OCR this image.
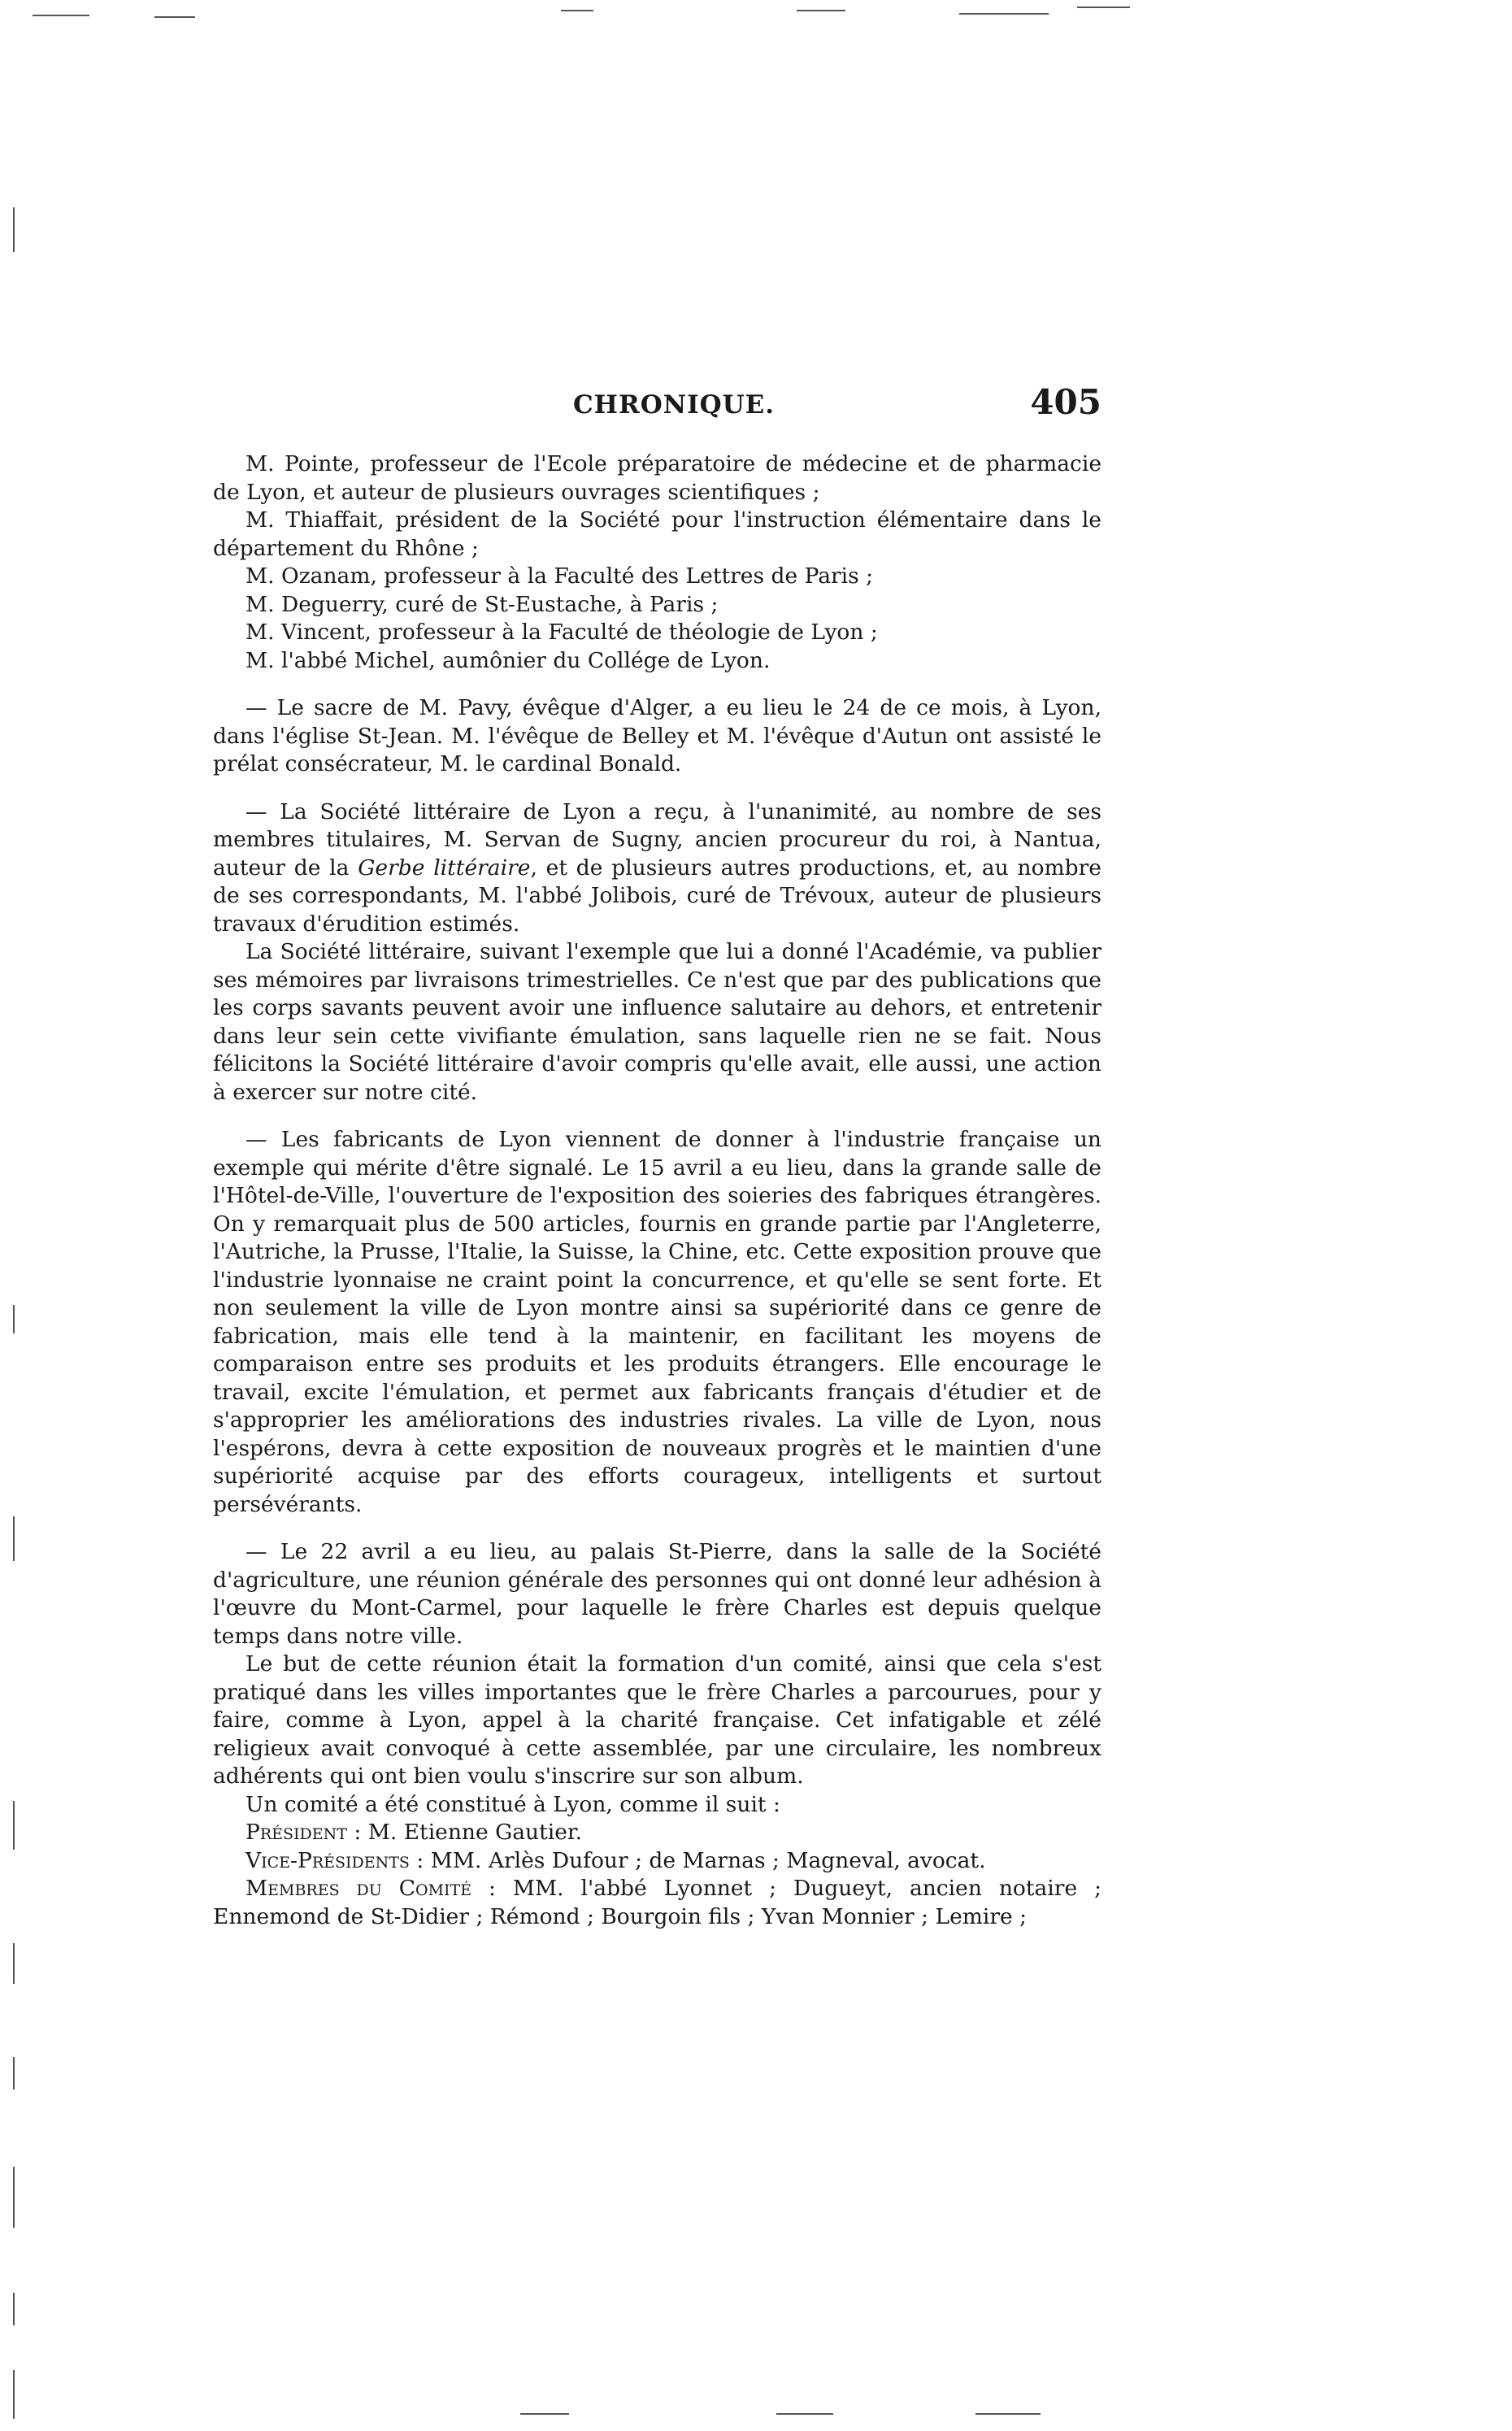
CHRONIQUE.	405

M. Pointe, professeur de l'Ecole préparatoire de médecine et de pharmacie de Lyon, et auteur de plusieurs ouvrages scientifiques ;

M. Thiaffait, président de la Société pour l'instruction élémentaire dans le département du Rhône ;

M. Ozanam, professeur à la Faculté des Lettres de Paris ;

M. Deguerry, curé de St-Eustache, à Paris ;

M. Vincent, professeur à la Faculté de théologie de Lyon ;

M. l'abbé Michel, aumônier du Collége de Lyon.

— Le sacre de M. Pavy, évêque d'Alger, a eu lieu le 24 de ce mois, à Lyon, dans l'église St-Jean. M. l'évêque de Belley et M. l'évêque d'Autun ont assisté le prélat consécrateur, M. le cardinal Bonald.

— La Société littéraire de Lyon a reçu, à l'unanimité, au nombre de ses membres titulaires, M. Servan de Sugny, ancien procureur du roi, à Nantua, auteur de la Gerbe littéraire, et de plusieurs autres productions, et, au nombre de ses correspondants, M. l'abbé Jolibois, curé de Trévoux, auteur de plusieurs travaux d'érudition estimés.

La Société littéraire, suivant l'exemple que lui a donné l'Académie, va publier ses mémoires par livraisons trimestrielles. Ce n'est que par des publications que les corps savants peuvent avoir une influence salutaire au dehors, et entretenir dans leur sein cette vivifiante émulation, sans laquelle rien ne se fait. Nous félicitons la Société littéraire d'avoir compris qu'elle avait, elle aussi, une action à exercer sur notre cité.

— Les fabricants de Lyon viennent de donner à l'industrie française un exemple qui mérite d'être signalé. Le 15 avril a eu lieu, dans la grande salle de l'Hôtel-de-Ville, l'ouverture de l'exposition des soieries des fabriques étrangères. On y remarquait plus de 500 articles, fournis en grande partie par l'Angleterre, l'Autriche, la Prusse, l'Italie, la Suisse, la Chine, etc. Cette exposition prouve que l'industrie lyonnaise ne craint point la concurrence, et qu'elle se sent forte. Et non seulement la ville de Lyon montre ainsi sa supériorité dans ce genre de fabrication, mais elle tend à la maintenir, en facilitant les moyens de comparaison entre ses produits et les produits étrangers. Elle encourage le travail, excite l'émulation, et permet aux fabricants français d'étudier et de s'approprier les améliorations des industries rivales. La ville de Lyon, nous l'espérons, devra à cette exposition de nouveaux progrès et le maintien d'une supériorité acquise par des efforts courageux, intelligents et surtout persévérants.

— Le 22 avril a eu lieu, au palais St-Pierre, dans la salle de la Société d'agriculture, une réunion générale des personnes qui ont donné leur adhésion à l'œuvre du Mont-Carmel, pour laquelle le frère Charles est depuis quelque temps dans notre ville.

Le but de cette réunion était la formation d'un comité, ainsi que cela s'est pratiqué dans les villes importantes que le frère Charles a parcourues, pour y faire, comme à Lyon, appel à la charité française. Cet infatigable et zélé religieux avait convoqué à cette assemblée, par une circulaire, les nombreux adhérents qui ont bien voulu s'inscrire sur son album.

Un comité a été constitué à Lyon, comme il suit :

Président : M. Etienne Gautier.

Vice-Présidents : MM. Arlès Dufour ; de Marnas ; Magneval, avocat.

Membres du Comité : MM. l'abbé Lyonnet ; Dugueyt, ancien notaire ; Ennemond de St-Didier ; Rémond ; Bourgoin fils ; Yvan Monnier ; Lemire ;
